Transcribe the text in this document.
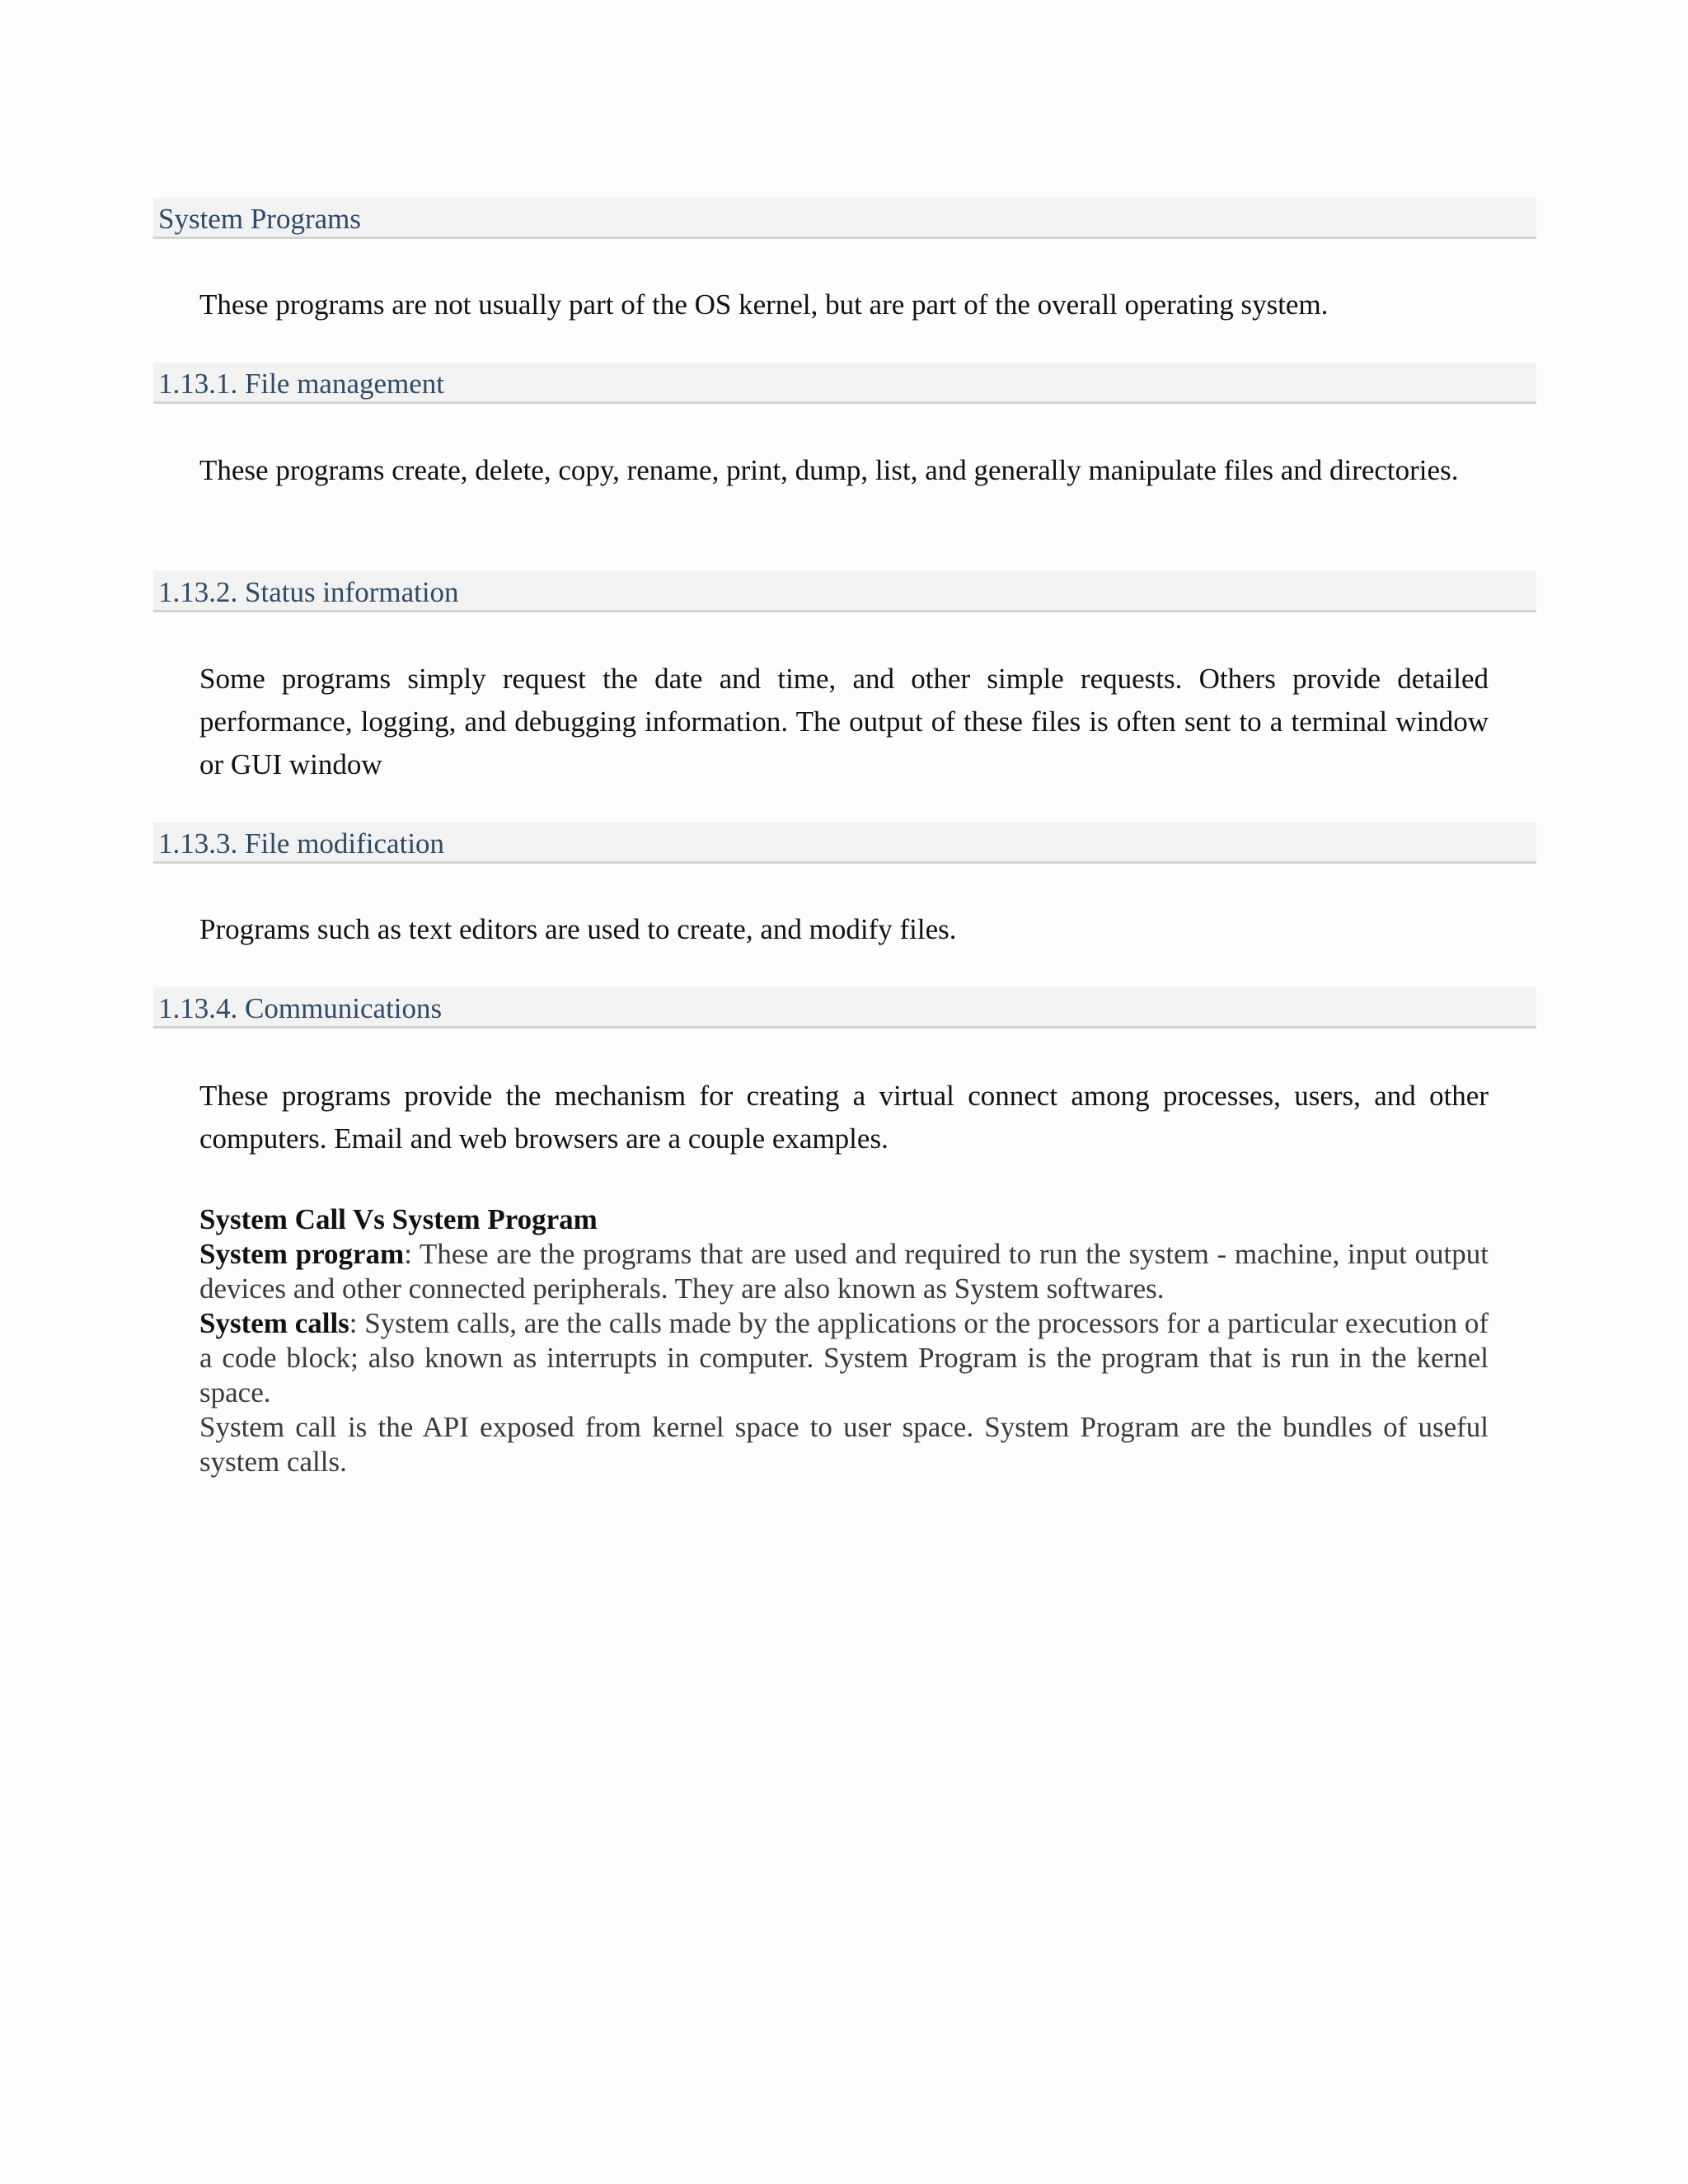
System Programs
These programs are not usually part of the OS kernel, but are part of the overall operating system.
1.13.1. File management
These programs create, delete, copy, rename, print, dump, list, and generally manipulate files and directories.
1.13.2. Status information
Some programs simply request the date and time, and other simple requests. Others provide detailed performance, logging, and debugging information. The output of these files is often sent to a terminal window or GUI window
1.13.3. File modification
Programs such as text editors are used to create, and modify files.
1.13.4. Communications
These programs provide the mechanism for creating a virtual connect among processes, users, and other computers. Email and web browsers are a couple examples.
System Call Vs System Program
System program: These are the programs that are used and required to run the system - machine, input output devices and other connected peripherals. They are also known as System softwares.
System calls: System calls, are the calls made by the applications or the processors for a particular execution of a code block; also known as interrupts in computer. System Program is the program that is run in the kernel space.
System call is the API exposed from kernel space to user space. System Program are the bundles of useful system calls.
